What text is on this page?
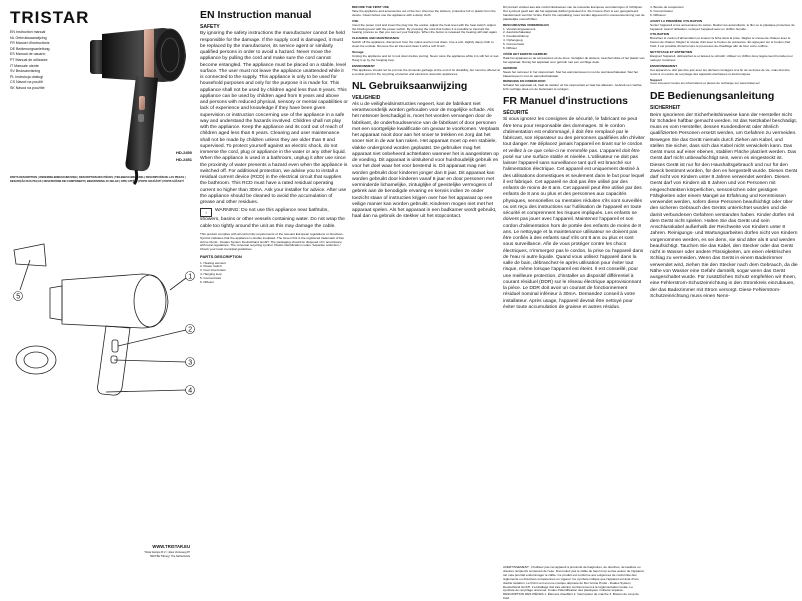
TRISTAR
EN Instruction manual
NL Gebruiksaanwijzing
FR Manuel d'instructions
DE Bedienungsanleitung
ES Manual de usuario
PT Manual de utilizador
IT Manuale utente
SV Bruksanvisning
PL Instrukcja obsługi
CS Návod na použití
SK Návod na použitie
HD-2450
HD-2451
PARTS DESCRIPTION | ONDERDELENBESCHRIJVING | DESCRIPTION DES PIÈCES | TEILEBESCHREIBUNG | DESCRIPCIÓN DE LAS PIEZAS | DESCRIÇÃO DAS PEÇAS | DESCRIZIONE DEI COMPONENTI | BESKRIVNING AV DELAR | OPIS CZĘŚCI | POPIS SOUČÁSTÍ | POPIS SÚČASTÍ
1
2
3
4
5
WWW.TRISTAR.EU
Tristar Europe B.V. | Jules Verneweg 87
5015 BH Tilburg | The Netherlands
EN Instruction manual
SAFETY

By ignoring the safety instructions the manufacturer cannot be held responsible for the damage. If the supply cord is damaged, it must be replaced by the manufacturer, its service agent or similarly qualified persons in order to avoid a hazard. Never move the appliance by pulling the cord and make sure the cord cannot become entangled. The appliance must be placed on a stable, level surface. The user must not leave the appliance unattended while it is connected to the supply. This appliance is only to be used for household purposes and only for the purpose it is made for. This appliance shall not be used by children aged less than 8 years. This appliance can be used by children aged from 8 years and above and persons with reduced physical, sensory or mental capabilities or lack of experience and knowledge if they have been given supervision or instruction concerning use of the appliance in a safe way and understand the hazards involved. Children shall not play with the appliance. Keep the appliance and its cord out of reach of children aged less than 8 years. Cleaning and user maintenance shall not be made by children unless they are older than 8 and supervised. To protect yourself against an electric shock, do not immerse the cord, plug or appliance in the water or any other liquid. When the appliance is used in a bathroom, unplug it after use since the proximity of water presents a hazard even when the appliance is switched off. For additional protection, we advise you to install a residual current device (RCD) in the electrical circuit that supplies the bathroom. This RCD must have a rated residual operating current no higher than 30mA. Ask your installer for advice. After use the appliance should be cleaned to avoid the accumulation of grease and other residues.

! WARNING: Do not use this appliance near bathtubs, showers, basins or other vessels containing water. Do not wrap the cable too tightly around the unit as this may damage the cable.

This product complies with all conformity requirements of the relevant European regulations or directives. Symbol indicates that the appliance is double insulated. The Green Dot is the registered trademark of Der Grüne Punkt - Duales System Deutschland GmbH. The packaging should be disposed of in accordance with local regulations. The universal recycling symbol. Plastic identification codes. Separate collection / Check your local municipal guidelines.

PARTS DESCRIPTION
1. Heating element
2. Power switch
3. Cool shot button
4. Hanging loop
5. Concentrator
6. Diffuser
BEFORE THE FIRST USE
Take the appliance and accessories out of the box. Remove the stickers, protective foil or plastic from the device. Clean before use the appliance with a damp cloth.
USE
Insert the power cord and insert the plug into the socket. Adjust the heat level with the heat switch. Adjust the blowing level with the power switch. By pressing the cold shot button it is possible to interrupt the heating process so that you can set your hairstyle. When the button is released the heating will start again.
CLEANING AND MAINTENANCE
Switch off the appliance, disconnect from the mains and let cool down. Use a soft, slightly damp cloth to clean the outside. Remove the air inlet and clean it with a soft brush.
Storage
Unplug the appliance and let it cool down before storing. Never store the appliance while it is still hot or wet. Hang it up by the hanging loop.
ENVIRONMENT
This appliance should not be put into the domestic garbage at the end of its durability, but must be offered at a central point for the recycling of electric and electronic domestic appliances.
NL Gebruiksaanwijzing
VEILIGHEID

Als u de veiligheidsinstructies negeert, kan de fabrikant niet verantwoordelijk worden gehouden voor de mogelijke schade. Als het netsnoer beschadigd is, moet het worden vervangen door de fabrikant, de onderhoudsservice van de fabrikant of door personen met een soortgelijke kwalificatie om gevaar te voorkomen. Verplaats het apparaat nooit door aan het snoer te trekken en zorg dat het snoer niet in de war kan raken. Het apparaat moet op een stabiele, vlakke ondergrond worden geplaatst. De gebruiker mag het apparaat niet onbeheerd achterlaten wanneer het is aangesloten op de voeding. Dit apparaat is uitsluitend voor huishoudelijk gebruik en voor het doel waar het voor bestemd is. Dit apparaat mag niet worden gebruikt door kinderen jonger dan 8 jaar. Dit apparaat kan worden gebruikt door kinderen vanaf 8 jaar en door personen met verminderde lichamelijke, zintuiglijke of geestelijke vermogens of gebrek aan de benodigde ervaring en kennis indien ze onder toezicht staan of instructies krijgen over hoe het apparaat op een veilige manier kan worden gebruikt. Kinderen mogen niet met het apparaat spelen. Als het apparaat in een badkamer wordt gebruikt, haal dan na gebruik de stekker uit het stopcontact.

Dit product voldoet aan alle conformiteitseisen van de relevante Europese verordeningen of richtlijnen. Het symbool geeft aan dat het apparaat dubbel geïsoleerd is. De Groene Punt is een geregistreerd handelsmerk van Der Grüne Punkt. De verpakking moet worden afgevoerd in overeenstemming met de plaatselijke voorschriften.
BESCHRIJVING ONDERDELEN
1. Verwarmingselement
2. Aan/uitschakelaar
3. Koudeluchtknop
4. Ophangoog
5. Concentrator
6. Diffuser
VÓÓR HET EERSTE GEBRUIK
Haal het apparaat en de accessoires uit de doos. Verwijder de stickers, beschermfolie of het plastic van het apparaat. Reinig het apparaat voor gebruik met een vochtige doek.
GEBRUIK
Steek het netsnoer in het stopcontact. Stel het warmteniveau in met de warmteschakelaar. Stel het blaasniveau in met de aan/uitschakelaar.
REINIGING EN ONDERHOUD
Schakel het apparaat uit, haal de stekker uit het stopcontact en laat het afkoelen. Gebruik een zachte, licht vochtige doek om de buitenkant te reinigen.
FR Manuel d'instructions
SÉCURITÉ

Si vous ignorez les consignes de sécurité, le fabricant ne peut être tenu pour responsable des dommages. Si le cordon d'alimentation est endommagé, il doit être remplacé par le fabricant, son réparateur ou des personnes qualifiées afin d'éviter tout danger. Ne déplacez jamais l'appareil en tirant sur le cordon et veillez à ce que celui-ci ne s'emmêle pas. L'appareil doit être posé sur une surface stable et nivelée. L'utilisateur ne doit pas laisser l'appareil sans surveillance tant qu'il est branché sur l'alimentation électrique. Cet appareil est uniquement destiné à des utilisations domestiques et seulement dans le but pour lequel il est fabriqué. Cet appareil ne doit pas être utilisé par des enfants de moins de 8 ans. Cet appareil peut être utilisé par des enfants de 8 ans ou plus et des personnes aux capacités physiques, sensorielles ou mentales réduites s'ils sont surveillés ou ont reçu des instructions sur l'utilisation de l'appareil en toute sécurité et comprennent les risques impliqués. Les enfants ne doivent pas jouer avec l'appareil. Maintenez l'appareil et son cordon d'alimentation hors de portée des enfants de moins de 8 ans. Le nettoyage et la maintenance utilisateur ne doivent pas être confiés à des enfants sauf s'ils ont 8 ans ou plus et sont sous surveillance. Afin de vous protéger contre les chocs électriques, n'immergez pas le cordon, la prise ou l'appareil dans de l'eau ni autre liquide. Quand vous utilisez l'appareil dans la salle de bain, débranchez-le après utilisation pour éviter tout risque, même lorsque l'appareil est éteint. Il est conseillé, pour une meilleure protection, d'installer un dispositif différentiel à courant résiduel (DDR) sur le réseau électrique approvisionnant la pièce. Le DDR doit avoir un courant de fonctionnement résiduel nominal inférieur à 30mA. Demandez conseil à votre installateur. Après usage, l'appareil devrait être nettoyé pour éviter toute accumulation de graisse et autres résidus.

4. Boucle de suspension
5. Concentrateur
6. Diffuseur
AVANT LA PREMIÈRE UTILISATION
Sortez l'appareil et les accessoires du carton. Retirez les autocollants, le film ou le plastique protecteur de l'appareil. Avant l'utilisation, nettoyez l'appareil avec un chiffon humide.
UTILISATION
Branchez le cordon d'alimentation et insérez la fiche dans la prise. Réglez le niveau de chaleur avec le bouton de chaleur. Réglez le niveau d'air avec le bouton de puissance. En appuyant sur le bouton d'air froid, il est possible d'interrompre le processus de chauffage afin de fixer votre coiffure.
NETTOYAGE ET ENTRETIEN
Éteignez l'appareil, débranchez-le et laissez-le refroidir. Utilisez un chiffon doux légèrement humide pour nettoyer l'extérieur.
ENVIRONNEMENT
Cet appareil ne doit pas être jeté avec les déchets ménagers à la fin de sa durée de vie, mais doit être remis à un centre de recyclage des appareils électriques et électroniques.
Support
Vous trouverez toutes les informations et pièces de rechange sur www.tristar.eu!
DE Bedienungsanleitung
SICHERHEIT

Beim Ignorieren der Sicherheitshinweise kann der Hersteller nicht für Schäden haftbar gemacht werden. Ist das Netzkabel beschädigt, muss es vom Hersteller, dessen Kundendienst oder ähnlich qualifizierten Personen ersetzt werden, um Gefahren zu vermeiden. Bewegen Sie das Gerät niemals durch Ziehen am Kabel, und stellen Sie sicher, dass sich das Kabel nicht verwickeln kann. Das Gerät muss auf einer ebenen, stabilen Fläche platziert werden. Das Gerät darf nicht unbeaufsichtigt sein, wenn es eingesteckt ist. Dieses Gerät ist nur für den Haushaltsgebrauch und nur für den Zweck bestimmt worden, für den es hergestellt wurde. Dieses Gerät darf nicht von Kindern unter 8 Jahren verwendet werden. Dieses Gerät darf von Kindern ab 8 Jahren und von Personen mit eingeschränkten körperlichen, sensorischen oder geistigen Fähigkeiten oder einem Mangel an Erfahrung und Kenntnissen verwendet werden, sofern diese Personen beaufsichtigt oder über den sicheren Gebrauch des Geräts unterrichtet wurden und die damit verbundenen Gefahren verstanden haben. Kinder dürfen mit dem Gerät nicht spielen. Halten Sie das Gerät und sein Anschlusskabel außerhalb der Reichweite von Kindern unter 8 Jahren. Reinigungs- und Wartungsarbeiten dürfen nicht von Kindern vorgenommen werden, es sei denn, sie sind älter als 8 und werden beaufsichtigt. Tauchen Sie das Kabel, den Stecker oder das Gerät nicht in Wasser oder andere Flüssigkeiten, um einen elektrischen Schlag zu vermeiden. Wenn das Gerät in einem Badezimmer verwendet wird, ziehen Sie den Stecker nach dem Gebrauch, da die Nähe von Wasser eine Gefahr darstellt, sogar wenn das Gerät ausgeschaltet wurde. Für zusätzlichen Schutz empfehlen wir Ihnen, eine Fehlerstrom-Schutzeinrichtung in den Stromkreis einzubauen, der das Badezimmer mit Strom versorgt. Diese Fehlerstrom-Schutzeinrichtung muss einen Nenn-

AVERTISSEMENT : N'utilisez pas cet appareil à proximité de baignoires, de douches, de lavabos ou d'autres récipients contenant de l'eau. N'enroulez pas le câble de façon trop serrée autour de l'appareil, car cela pourrait endommager le câble. Ce produit est conforme aux exigences de conformité des règlements ou directives européennes en vigueur. Ce symbole indique que l'appareil est doté d'une double isolation. Le Point vert est une marque déposée de Der Grüne Punkt - Duales System Deutschland GmbH. L'emballage doit être éliminé conformément à la réglementation locale. Le symbole de recyclage universel. Codes d'identification des plastiques. Collecte séparée. DESCRIPTION DES PIÈCES 1. Élément chauffant 2. Interrupteur de marche 3. Bouton de coup de froid
